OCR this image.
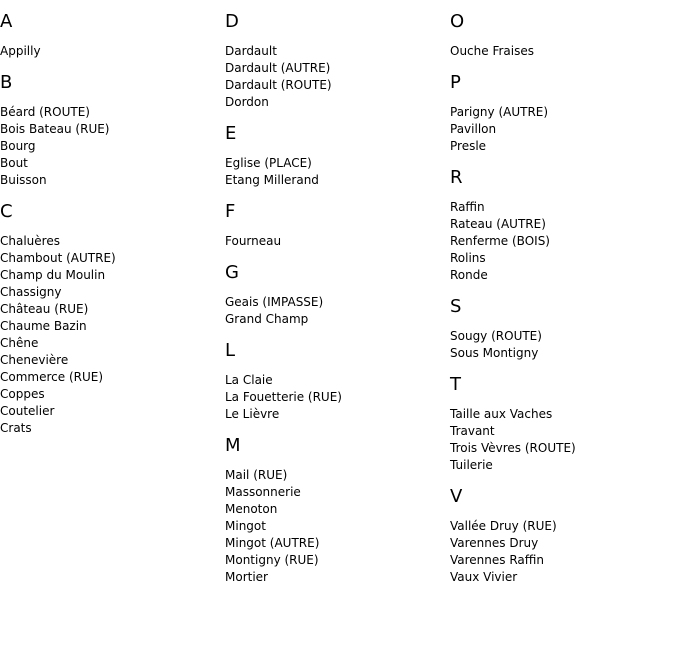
A
Appilly
B
Béard (ROUTE)
Bois Bateau (RUE)
Bourg
Bout
Buisson
C
Chaluères
Chambout (AUTRE)
Champ du Moulin
Chassigny
Château (RUE)
Chaume Bazin
Chêne
Chenevière
Commerce (RUE)
Coppes
Coutelier
Crats
D
Dardault
Dardault (AUTRE)
Dardault (ROUTE)
Dordon
E
Eglise (PLACE)
Etang Millerand
F
Fourneau
G
Geais (IMPASSE)
Grand Champ
L
La Claie
La Fouetterie (RUE)
Le Lièvre
M
Mail (RUE)
Massonnerie
Menoton
Mingot
Mingot (AUTRE)
Montigny (RUE)
Mortier
O
Ouche Fraises
P
Parigny (AUTRE)
Pavillon
Presle
R
Raffin
Rateau (AUTRE)
Renferme (BOIS)
Rolins
Ronde
S
Sougy (ROUTE)
Sous Montigny
T
Taille aux Vaches
Travant
Trois Vèvres (ROUTE)
Tuilerie
V
Vallée Druy (RUE)
Varennes Druy
Varennes Raffin
Vaux Vivier
